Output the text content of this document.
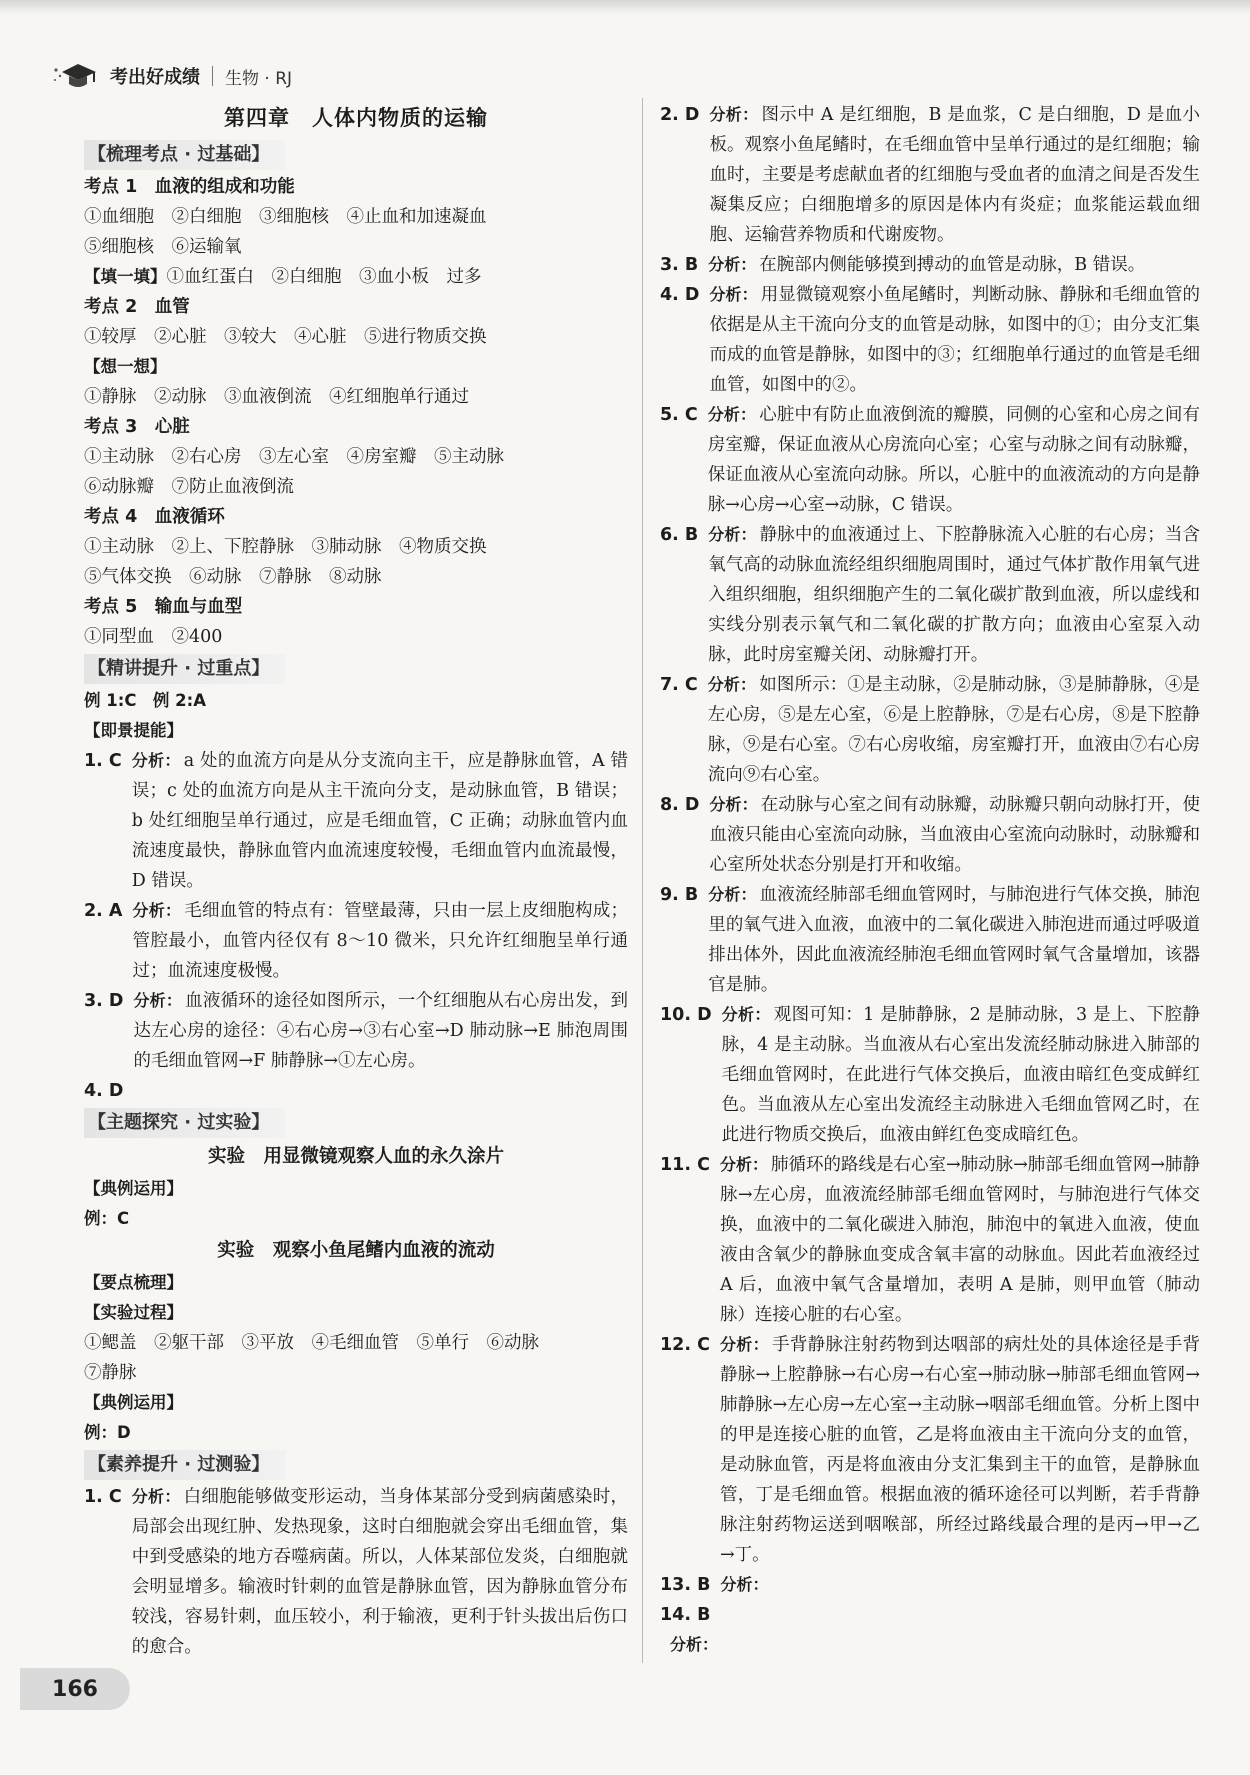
考出好成绩 生物 · RJ
第四章　人体内物质的运输
【梳理考点 · 过基础】
考点 1　血液的组成和功能
①血细胞　②白细胞　③细胞核　④止血和加速凝血
⑤细胞核　⑥运输氧
【填一填】①血红蛋白　②白细胞　③血小板　过多
考点 2　血管
①较厚　②心脏　③较大　④心脏　⑤进行物质交换
【想一想】
①静脉　②动脉　③血液倒流　④红细胞单行通过
考点 3　心脏
①主动脉　②右心房　③左心室　④房室瓣　⑤主动脉
⑥动脉瓣　⑦防止血液倒流
考点 4　血液循环
①主动脉　②上、下腔静脉　③肺动脉　④物质交换
⑤气体交换　⑥动脉　⑦静脉　⑧动脉
考点 5　输血与血型
①同型血　②400
【精讲提升 · 过重点】
例 1:C　例 2:A
【即景提能】
1. C 分析： a 处的血流方向是从分支流向主干，应是静脉血管，A 错误；c 处的血流方向是从主干流向分支，是动脉血管，B 错误；b 处红细胞呈单行通过，应是毛细血管，C 正确；动脉血管内血流速度最快，静脉血管内血流速度较慢，毛细血管内血流最慢，D 错误。
2. A 分析： 毛细血管的特点有：管壁最薄，只由一层上皮细胞构成；管腔最小，血管内径仅有 8～10 微米，只允许红细胞呈单行通过；血流速度极慢。
3. D 分析： 血液循环的途径如图所示，一个红细胞从右心房出发，到达左心房的途径：④右心房→③右心室→D 肺动脉→E 肺泡周围的毛细血管网→F 肺静脉→①左心房。
4. D
【主题探究 · 过实验】
实验　用显微镜观察人血的永久涂片
【典例运用】
例：C
实验　观察小鱼尾鳍内血液的流动
【要点梳理】
【实验过程】
①鳃盖　②躯干部　③平放　④毛细血管　⑤单行　⑥动脉
⑦静脉
【典例运用】
例：D
【素养提升 · 过测验】
1. C 分析： 白细胞能够做变形运动，当身体某部分受到病菌感染时，局部会出现红肿、发热现象，这时白细胞就会穿出毛细血管，集中到受感染的地方吞噬病菌。所以，人体某部位发炎，白细胞就会明显增多。输液时针刺的血管是静脉血管，因为静脉血管分布较浅，容易针刺，血压较小，利于输液，更利于针头拔出后伤口的愈合。
2. D 分析： 图示中 A 是红细胞，B 是血浆，C 是白细胞，D 是血小板。观察小鱼尾鳍时，在毛细血管中呈单行通过的是红细胞；输血时，主要是考虑献血者的红细胞与受血者的血清之间是否发生凝集反应；白细胞增多的原因是体内有炎症；血浆能运载血细胞、运输营养物质和代谢废物。
3. B 分析： 在腕部内侧能够摸到搏动的血管是动脉，B 错误。
4. D 分析： 用显微镜观察小鱼尾鳍时，判断动脉、静脉和毛细血管的依据是从主干流向分支的血管是动脉，如图中的①；由分支汇集而成的血管是静脉，如图中的③；红细胞单行通过的血管是毛细血管，如图中的②。
5. C 分析： 心脏中有防止血液倒流的瓣膜，同侧的心室和心房之间有房室瓣，保证血液从心房流向心室；心室与动脉之间有动脉瓣，保证血液从心室流向动脉。所以，心脏中的血液流动的方向是静脉→心房→心室→动脉，C 错误。
6. B 分析： 静脉中的血液通过上、下腔静脉流入心脏的右心房；当含氧气高的动脉血流经组织细胞周围时，通过气体扩散作用氧气进入组织细胞，组织细胞产生的二氧化碳扩散到血液，所以虚线和实线分别表示氧气和二氧化碳的扩散方向；血液由心室泵入动脉，此时房室瓣关闭、动脉瓣打开。
7. C 分析： 如图所示：①是主动脉，②是肺动脉，③是肺静脉，④是左心房，⑤是左心室，⑥是上腔静脉，⑦是右心房，⑧是下腔静脉，⑨是右心室。⑦右心房收缩，房室瓣打开，血液由⑦右心房流向⑨右心室。
8. D 分析： 在动脉与心室之间有动脉瓣，动脉瓣只朝向动脉打开，使血液只能由心室流向动脉，当血液由心室流向动脉时，动脉瓣和心室所处状态分别是打开和收缩。
9. B 分析： 血液流经肺部毛细血管网时，与肺泡进行气体交换，肺泡里的氧气进入血液，血液中的二氧化碳进入肺泡进而通过呼吸道排出体外，因此血液流经肺泡毛细血管网时氧气含量增加，该器官是肺。
10. D 分析： 观图可知：1 是肺静脉，2 是肺动脉，3 是上、下腔静脉，4 是主动脉。当血液从右心室出发流经肺动脉进入肺部的毛细血管网时，在此进行气体交换后，血液由暗红色变成鲜红色。当血液从左心室出发流经主动脉进入毛细血管网乙时，在此进行物质交换后，血液由鲜红色变成暗红色。
11. C 分析： 肺循环的路线是右心室→肺动脉→肺部毛细血管网→肺静脉→左心房，血液流经肺部毛细血管网时，与肺泡进行气体交换，血液中的二氧化碳进入肺泡，肺泡中的氧进入血液，使血液由含氧少的静脉血变成含氧丰富的动脉血。因此若血液经过 A 后，血液中氧气含量增加，表明 A 是肺，则甲血管（肺动脉）连接心脏的右心室。
12. C 分析： 手背静脉注射药物到达咽部的病灶处的具体途径是手背静脉→上腔静脉→右心房→右心室→肺动脉→肺部毛细血管网→肺静脉→左心房→左心室→主动脉→咽部毛细血管。分析上图中的甲是连接心脏的血管，乙是将血液由主干流向分支的血管，是动脉血管，丙是将血液由分支汇集到主干的血管，是静脉血管，丁是毛细血管。根据血液的循环途径可以判断，若手背静脉注射药物运送到咽喉部，所经过路线最合理的是丙→甲→乙→丁。
13. B 分析：
14. B
分析：
166
